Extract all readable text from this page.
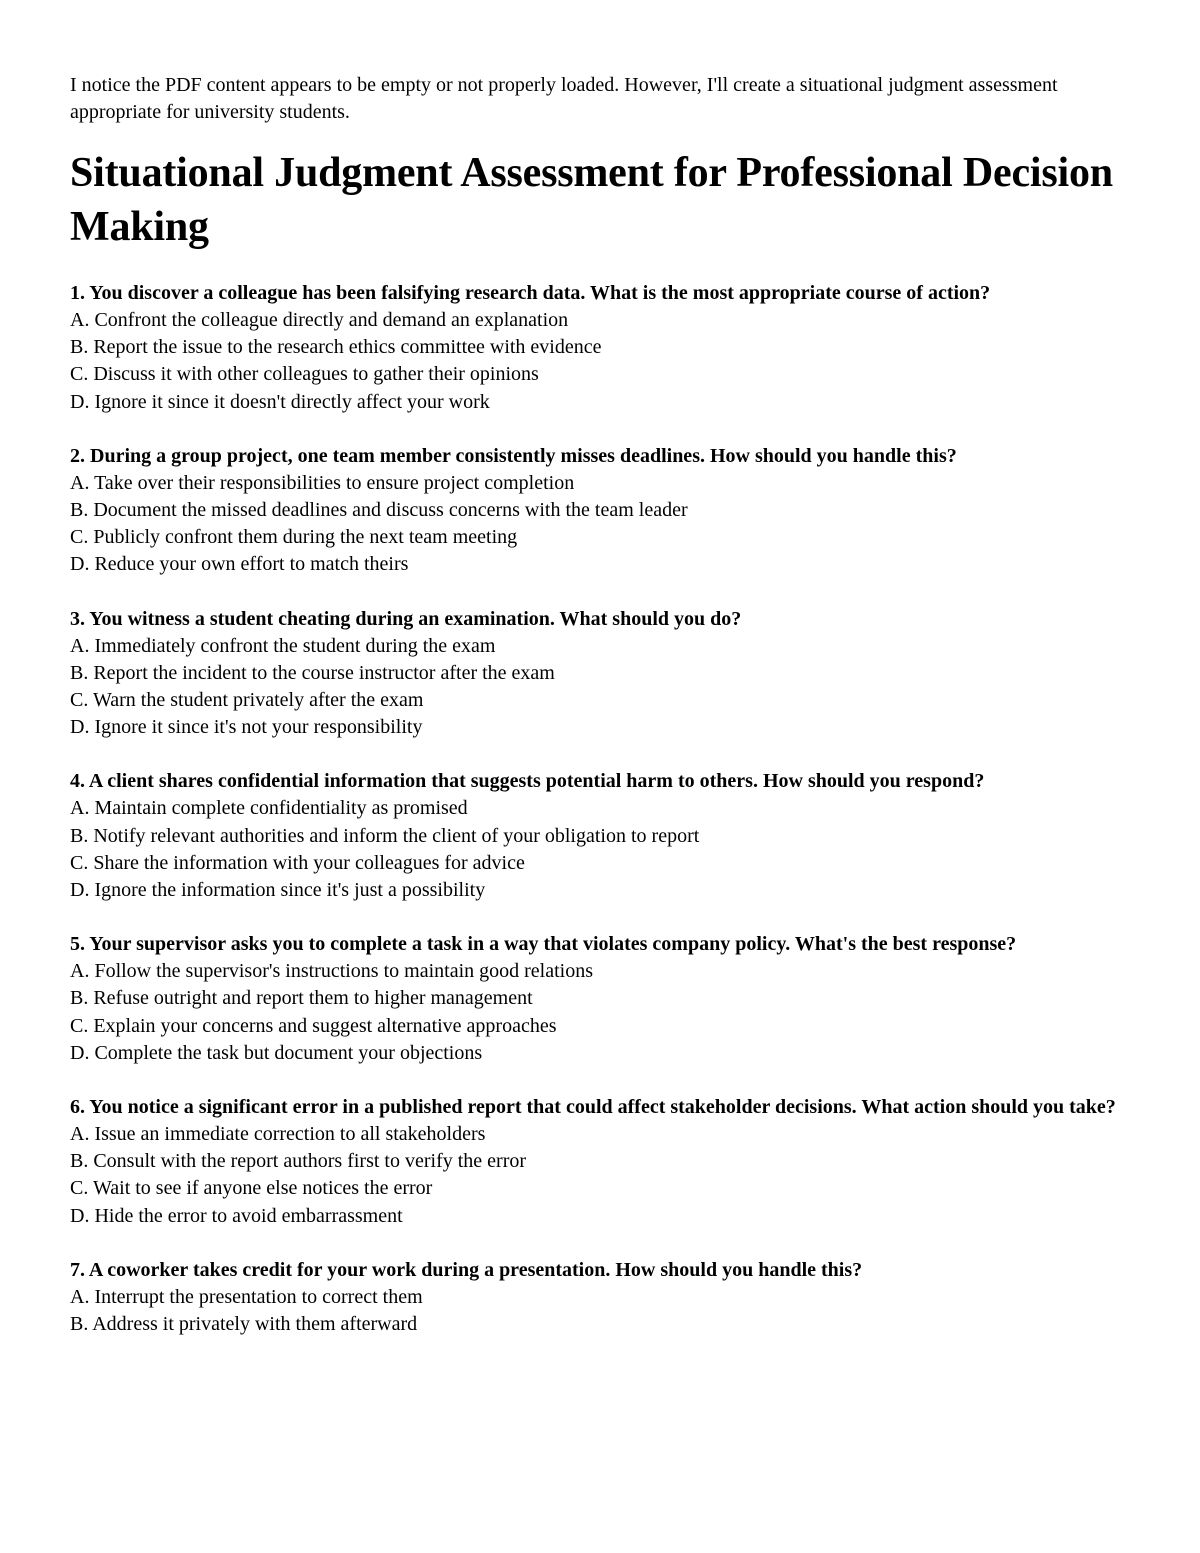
I notice the PDF content appears to be empty or not properly loaded. However, I'll create a situational judgment assessment appropriate for university students.

Situational Judgment Assessment for Professional Decision Making

1. You discover a colleague has been falsifying research data. What is the most appropriate course of action?

A. Confront the colleague directly and demand an explanation

B. Report the issue to the research ethics committee with evidence

C. Discuss it with other colleagues to gather their opinions

D. Ignore it since it doesn't directly affect your work

2. During a group project, one team member consistently misses deadlines. How should you handle this?

A. Take over their responsibilities to ensure project completion

B. Document the missed deadlines and discuss concerns with the team leader

C. Publicly confront them during the next team meeting

D. Reduce your own effort to match theirs

3. You witness a student cheating during an examination. What should you do?

A. Immediately confront the student during the exam

B. Report the incident to the course instructor after the exam

C. Warn the student privately after the exam

D. Ignore it since it's not your responsibility

4. A client shares confidential information that suggests potential harm to others. How should you respond?

A. Maintain complete confidentiality as promised

B. Notify relevant authorities and inform the client of your obligation to report

C. Share the information with your colleagues for advice

D. Ignore the information since it's just a possibility

5. Your supervisor asks you to complete a task in a way that violates company policy. What's the best response?

A. Follow the supervisor's instructions to maintain good relations

B. Refuse outright and report them to higher management

C. Explain your concerns and suggest alternative approaches

D. Complete the task but document your objections

6. You notice a significant error in a published report that could affect stakeholder decisions. What action should you take?

A. Issue an immediate correction to all stakeholders

B. Consult with the report authors first to verify the error

C. Wait to see if anyone else notices the error

D. Hide the error to avoid embarrassment

7. A coworker takes credit for your work during a presentation. How should you handle this?

A. Interrupt the presentation to correct them

B. Address it privately with them afterward
